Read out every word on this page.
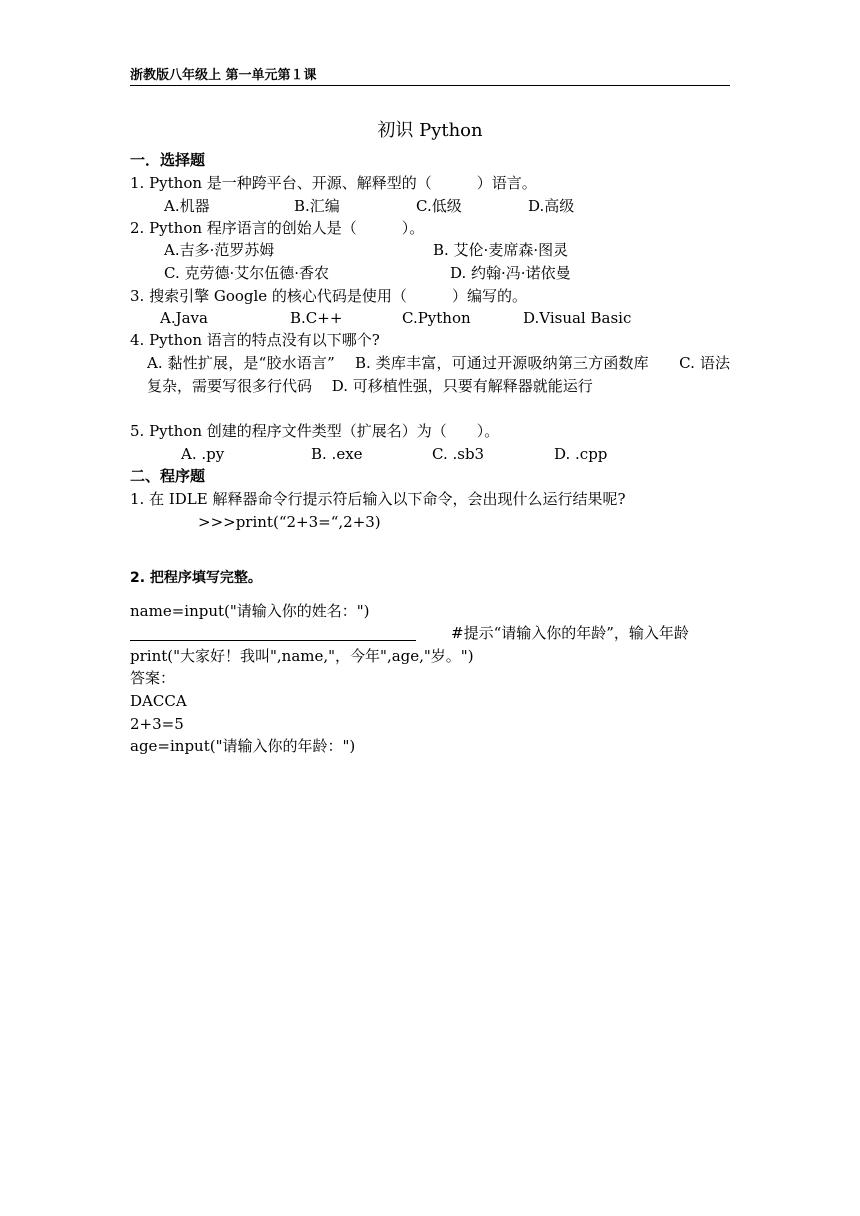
浙教版八年级上 第一单元第１课
初识 Python
一．选择题
1. Python 是一种跨平台、开源、解释型的（　　　）语言。
A.机器	B.汇编	C.低级	D.高级
2. Python 程序语言的创始人是（　　　）。
A.吉多·范罗苏姆	B. 艾伦·麦席森·图灵
C. 克劳德·艾尔伍德·香农	D. 约翰·冯·诺依曼
3. 搜索引擎 Google 的核心代码是使用（　　　）编写的。
A.Java	B.C++	C.Python	D.Visual Basic
4. Python 语言的特点没有以下哪个?
A. 黏性扩展，是“胶水语言”　 B. 类库丰富，可通过开源吸纳第三方函数库　　C. 语法复杂，需要写很多行代码　 D. 可移植性强，只要有解释器就能运行
5. Python 创建的程序文件类型（扩展名）为（　　）。
A. .py	B. .exe	C. .sb3	D. .cpp
二、程序题
1. 在 IDLE 解释器命令行提示符后输入以下命令，会出现什么运行结果呢?
>>>print(“2+3=“,2+3)
2. 把程序填写完整。
name=input("请输入你的姓名：")
#提示“请输入你的年龄”，输入年龄
print("大家好！我叫",name,"，今年",age,"岁。")
答案：
DACCA
2+3=5
age=input("请输入你的年龄：")
